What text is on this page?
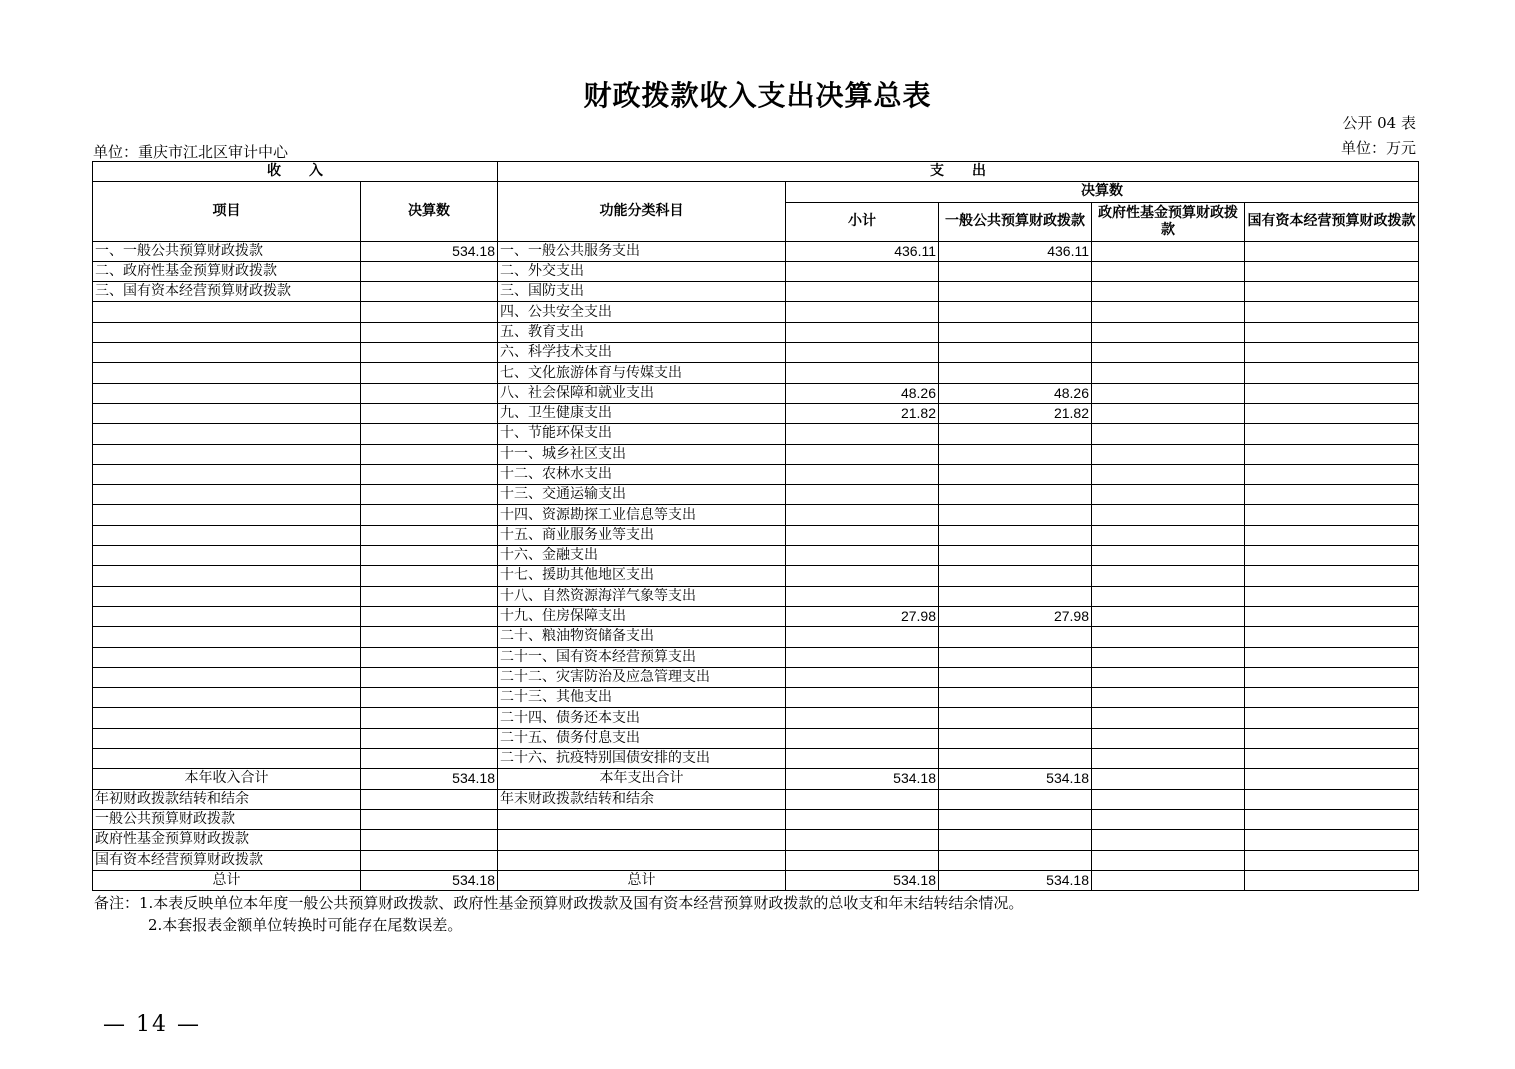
财政拨款收入支出决算总表
公开 04 表
单位：重庆市江北区审计中心	单位：万元
收　　入		支　　出				
项目	决算数	功能分类科目	决算数			
			小计	一般公共预算财政拨款	政府性基金预算财政拨款	国有资本经营预算财政拨款
一、一般公共预算财政拨款	534.18	一、一般公共服务支出	436.11	436.11		
二、政府性基金预算财政拨款		二、外交支出				
三、国有资本经营预算财政拨款		三、国防支出				
		四、公共安全支出				
		五、教育支出				
		六、科学技术支出				
		七、文化旅游体育与传媒支出				
		八、社会保障和就业支出	48.26	48.26		
		九、卫生健康支出	21.82	21.82		
		十、节能环保支出				
		十一、城乡社区支出				
		十二、农林水支出				
		十三、交通运输支出				
		十四、资源勘探工业信息等支出				
		十五、商业服务业等支出				
		十六、金融支出				
		十七、援助其他地区支出				
		十八、自然资源海洋气象等支出				
		十九、住房保障支出	27.98	27.98		
		二十、粮油物资储备支出				
		二十一、国有资本经营预算支出				
		二十二、灾害防治及应急管理支出				
		二十三、其他支出				
		二十四、债务还本支出				
		二十五、债务付息支出				
		二十六、抗疫特别国债安排的支出				
本年收入合计	534.18	本年支出合计	534.18	534.18		
年初财政拨款结转和结余		年末财政拨款结转和结余				
一般公共预算财政拨款						
政府性基金预算财政拨款						
国有资本经营预算财政拨款						
总计	534.18	总计	534.18	534.18		
备注：1.本表反映单位本年度一般公共预算财政拨款、政府性基金预算财政拨款及国有资本经营预算财政拨款的总收支和年末结转结余情况。
2.本套报表金额单位转换时可能存在尾数误差。
— 14 —
